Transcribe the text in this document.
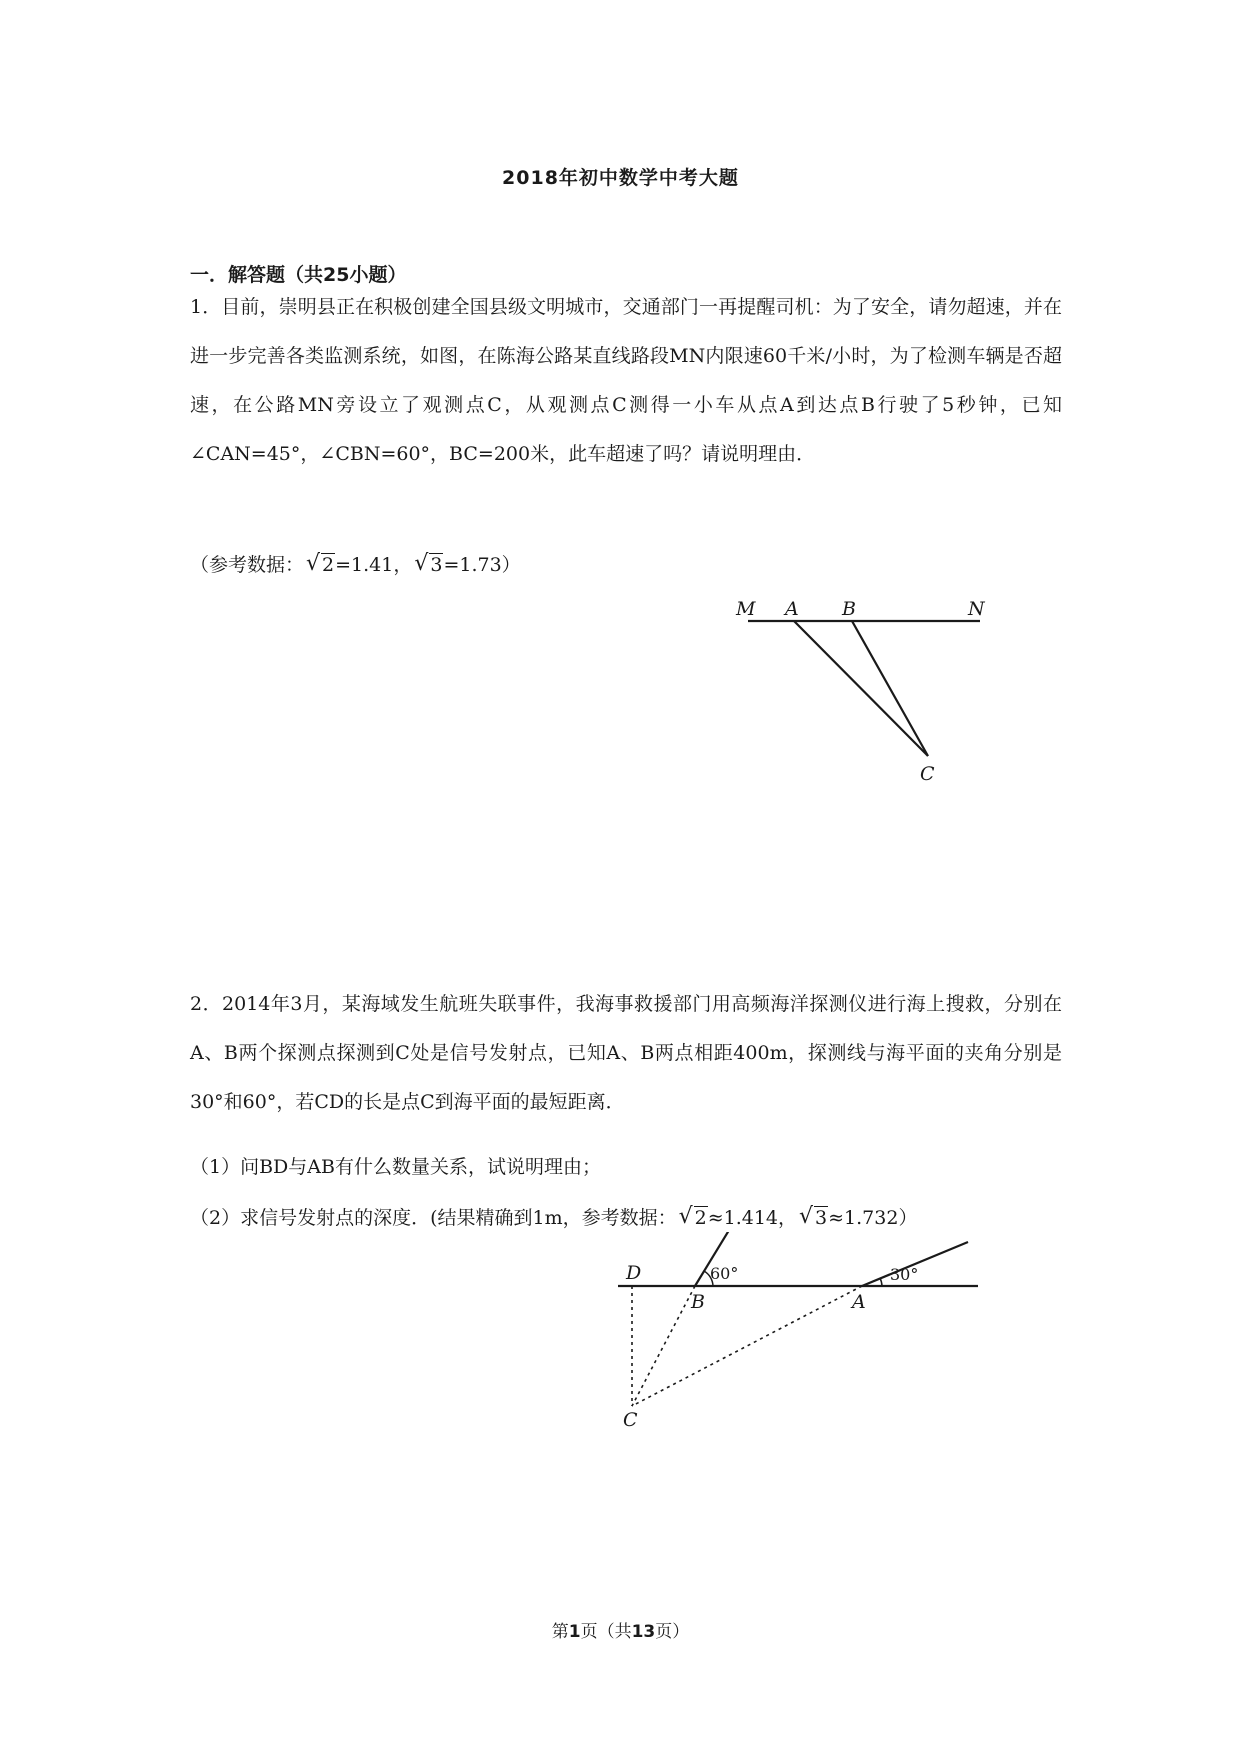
2018年初中数学中考大题
一．解答题（共25小题）
1．目前，崇明县正在积极创建全国县级文明城市，交通部门一再提醒司机：为了安全，请勿超速，并在进一步完善各类监测系统，如图，在陈海公路某直线路段MN内限速60千米/小时，为了检测车辆是否超速，在公路MN旁设立了观测点C，从观测点C测得一小车从点A到达点B行驶了5秒钟，已知∠CAN=45°，∠CBN=60°，BC=200米，此车超速了吗？请说明理由．
（参考数据： √ 2=1.41， √ 3=1.73）
M A B	N
C
2．2014年3月，某海域发生航班失联事件，我海事救援部门用高频海洋探测仪进行海上搜救，分别在A、B两个探测点探测到C处是信号发射点，已知A、B两点相距400m，探测线与海平面的夹角分别是30°和60°，若CD的长是点C到海平面的最短距离．
（1）问BD与AB有什么数量关系，试说明理由；
（2）求信号发射点的深度．(结果精确到1m，参考数据： √ 2≈1.414， √ 3≈1.732）
D
B	A
C
60°	30°
第1页（共13页）
